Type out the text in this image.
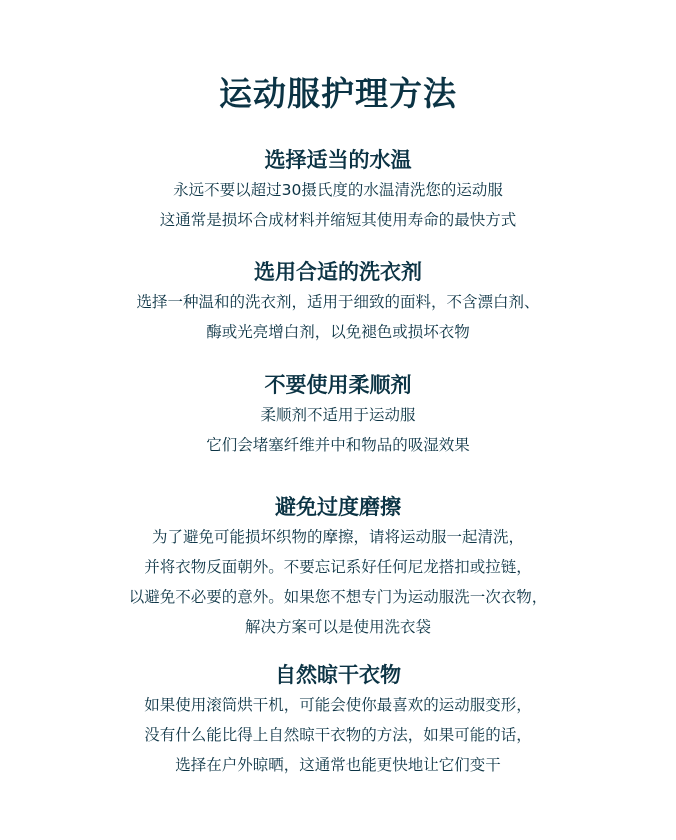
运动服护理方法
选择适当的水温

永远不要以超过30摄氏度的水温清洗您的运动服

这通常是损坏合成材料并缩短其使用寿命的最快方式

选用合适的洗衣剂

选择一种温和的洗衣剂，适用于细致的面料，不含漂白剂、

酶或光亮增白剂，以免褪色或损坏衣物

不要使用柔顺剂

柔顺剂不适用于运动服

它们会堵塞纤维并中和物品的吸湿效果

避免过度磨擦

为了避免可能损坏织物的摩擦，请将运动服一起清洗，

并将衣物反面朝外。不要忘记系好任何尼龙搭扣或拉链，

以避免不必要的意外。如果您不想专门为运动服洗一次衣物，

解决方案可以是使用洗衣袋

自然晾干衣物

如果使用滚筒烘干机，可能会使你最喜欢的运动服变形，

没有什么能比得上自然晾干衣物的方法，如果可能的话，

选择在户外晾晒，这通常也能更快地让它们变干
